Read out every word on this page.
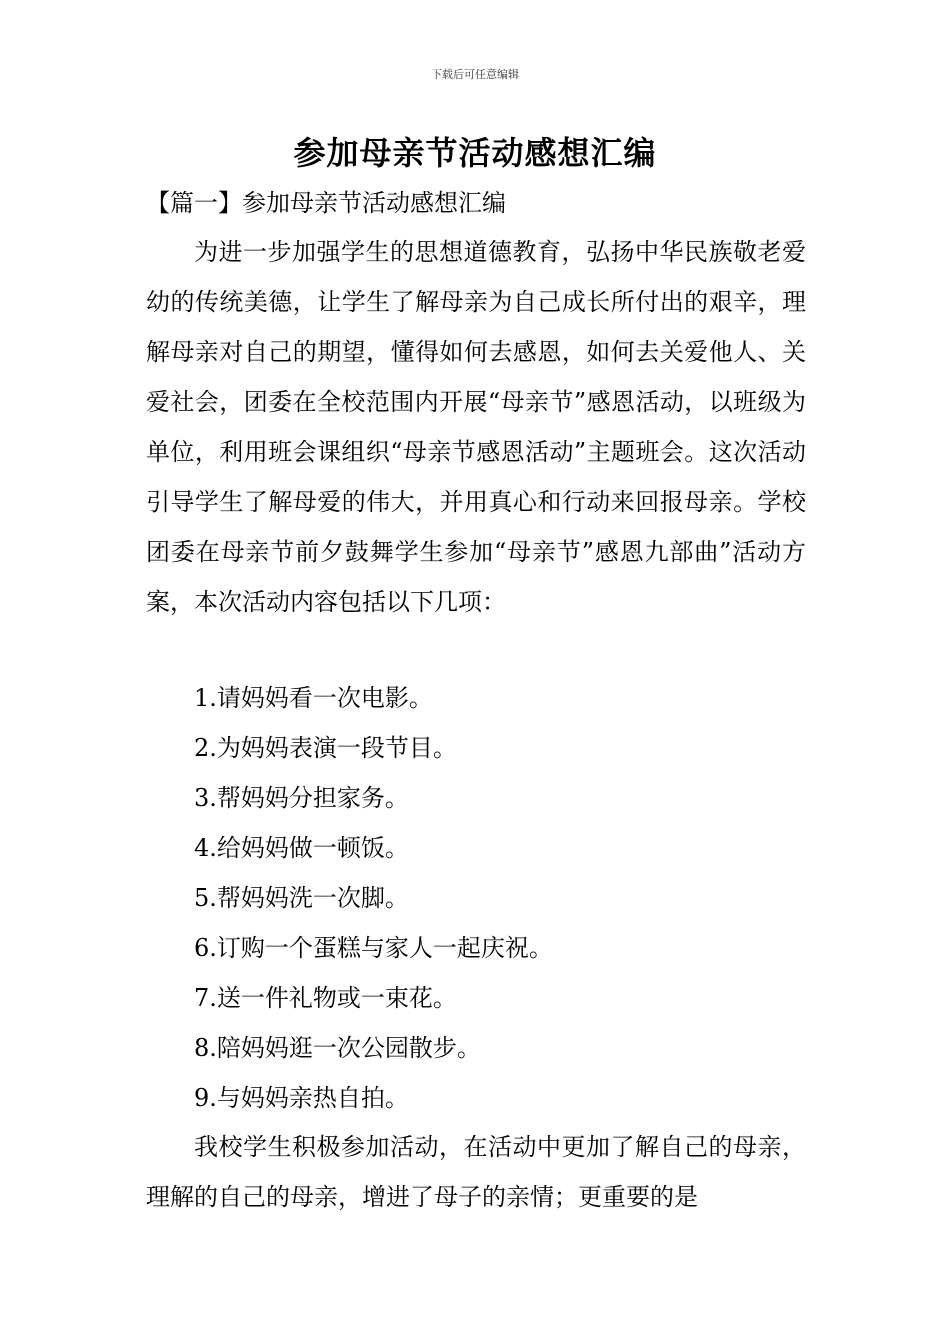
下载后可任意编辑
参加母亲节活动感想汇编
【篇一】参加母亲节活动感想汇编

为进一步加强学生的思想道德教育，弘扬中华民族敬老爱幼的传统美德，让学生了解母亲为自己成长所付出的艰辛，理解母亲对自己的期望，懂得如何去感恩，如何去关爱他人、关爱社会，团委在全校范围内开展“母亲节”感恩活动，以班级为单位，利用班会课组织“母亲节感恩活动”主题班会。这次活动引导学生了解母爱的伟大，并用真心和行动来回报母亲。学校团委在母亲节前夕鼓舞学生参加“母亲节”感恩九部曲”活动方案，本次活动内容包括以下几项：

1.请妈妈看一次电影。
2.为妈妈表演一段节目。
3.帮妈妈分担家务。
4.给妈妈做一顿饭。
5.帮妈妈洗一次脚。
6.订购一个蛋糕与家人一起庆祝。
7.送一件礼物或一束花。
8.陪妈妈逛一次公园散步。
9.与妈妈亲热自拍。

我校学生积极参加活动，在活动中更加了解自己的母亲，理解的自己的母亲，增进了母子的亲情；更重要的是
